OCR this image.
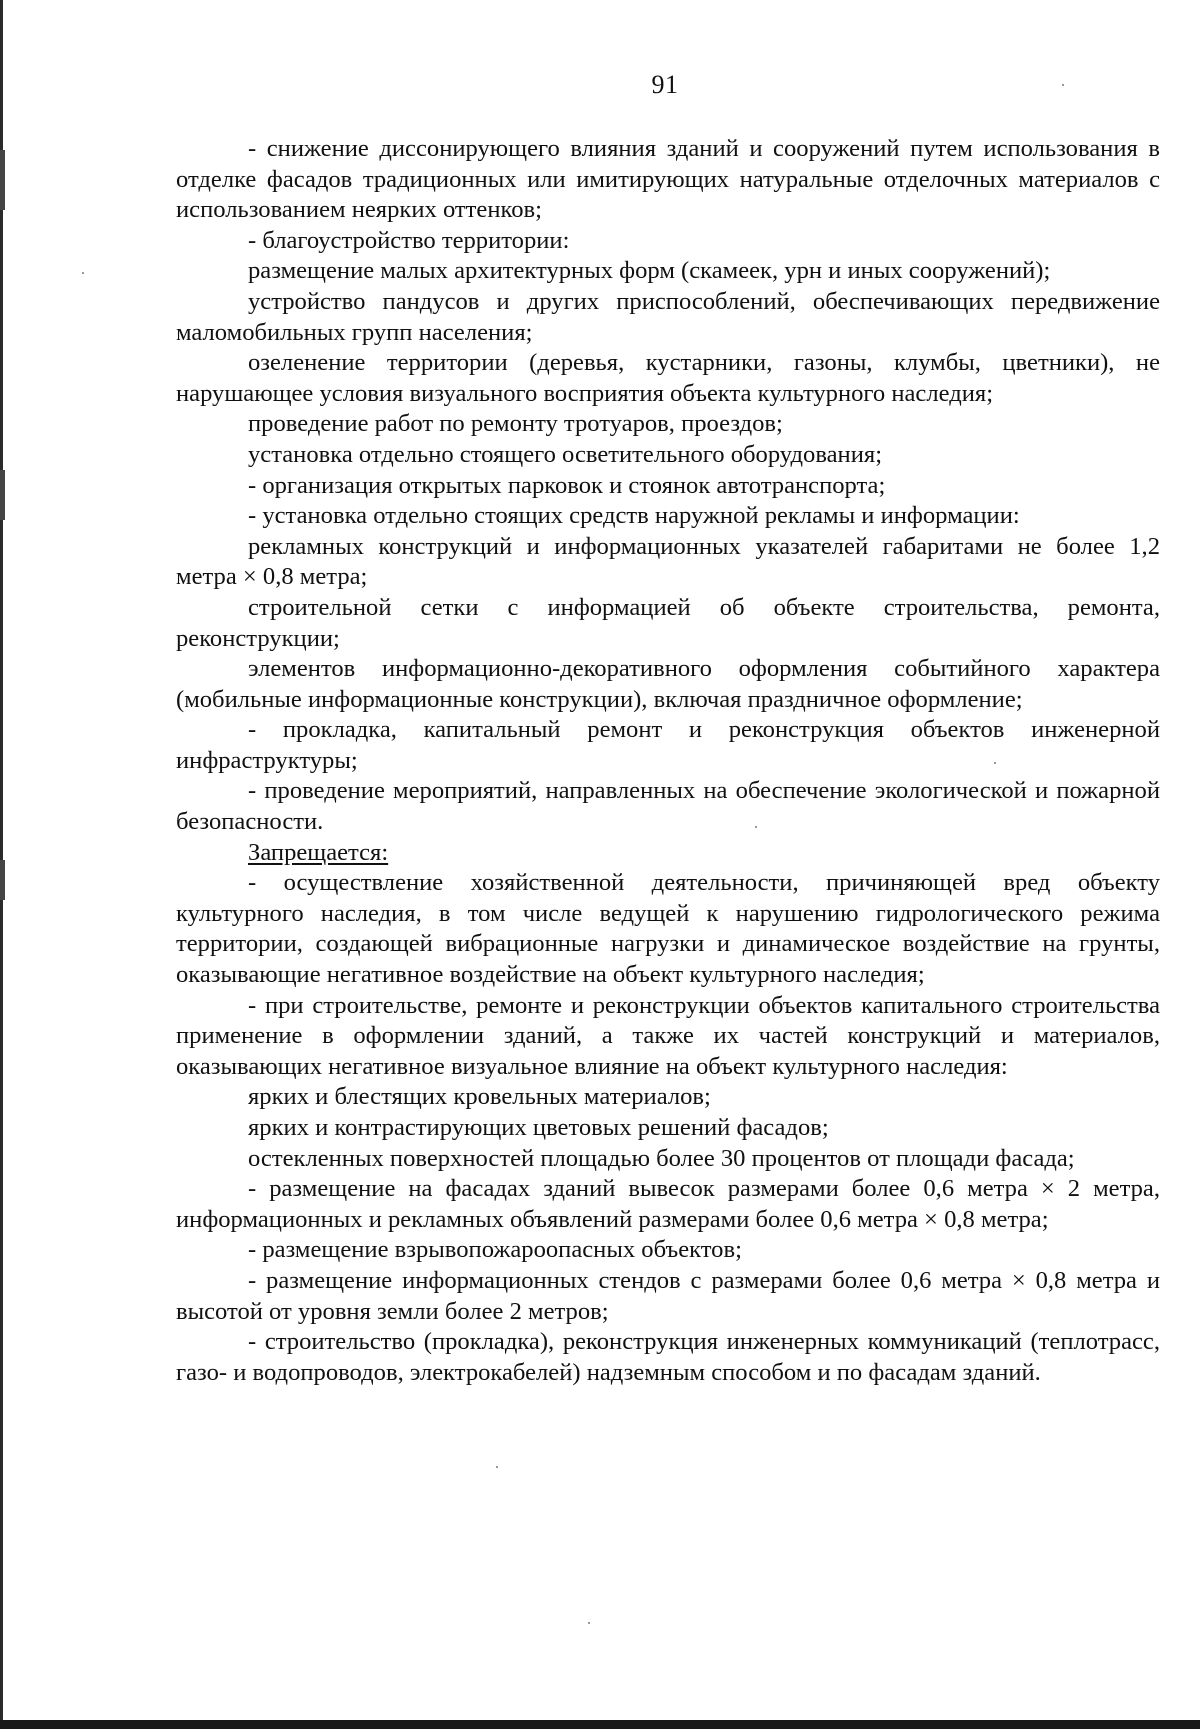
91

- снижение диссонирующего влияния зданий и сооружений путем использования в отделке фасадов традиционных или имитирующих натуральные отделочных материалов с использованием неярких оттенков;

- благоустройство территории:

размещение малых архитектурных форм (скамеек, урн и иных сооружений);

устройство пандусов и других приспособлений, обеспечивающих передвижение маломобильных групп населения;

озеленение территории (деревья, кустарники, газоны, клумбы, цветники), не нарушающее условия визуального восприятия объекта культурного наследия;

проведение работ по ремонту тротуаров, проездов;

установка отдельно стоящего осветительного оборудования;

- организация открытых парковок и стоянок автотранспорта;

- установка отдельно стоящих средств наружной рекламы и информации:

рекламных конструкций и информационных указателей габаритами не более 1,2 метра × 0,8 метра;

строительной сетки с информацией об объекте строительства, ремонта, реконструкции;

элементов информационно-декоративного оформления событийного характера (мобильные информационные конструкции), включая праздничное оформление;

- прокладка, капитальный ремонт и реконструкция объектов инженерной инфраструктуры;

- проведение мероприятий, направленных на обеспечение экологической и пожарной безопасности.

Запрещается:

- осуществление хозяйственной деятельности, причиняющей вред объекту культурного наследия, в том числе ведущей к нарушению гидрологического режима территории, создающей вибрационные нагрузки и динамическое воздействие на грунты, оказывающие негативное воздействие на объект культурного наследия;

- при строительстве, ремонте и реконструкции объектов капитального строительства применение в оформлении зданий, а также их частей конструкций и материалов, оказывающих негативное визуальное влияние на объект культурного наследия:

ярких и блестящих кровельных материалов;

ярких и контрастирующих цветовых решений фасадов;

остекленных поверхностей площадью более 30 процентов от площади фасада;

- размещение на фасадах зданий вывесок размерами более 0,6 метра × 2 метра, информационных и рекламных объявлений размерами более 0,6 метра × 0,8 метра;

- размещение взрывопожароопасных объектов;

- размещение информационных стендов с размерами более 0,6 метра × 0,8 метра и высотой от уровня земли более 2 метров;

- строительство (прокладка), реконструкция инженерных коммуникаций (теплотрасс, газо- и водопроводов, электрокабелей) надземным способом и по фасадам зданий.
